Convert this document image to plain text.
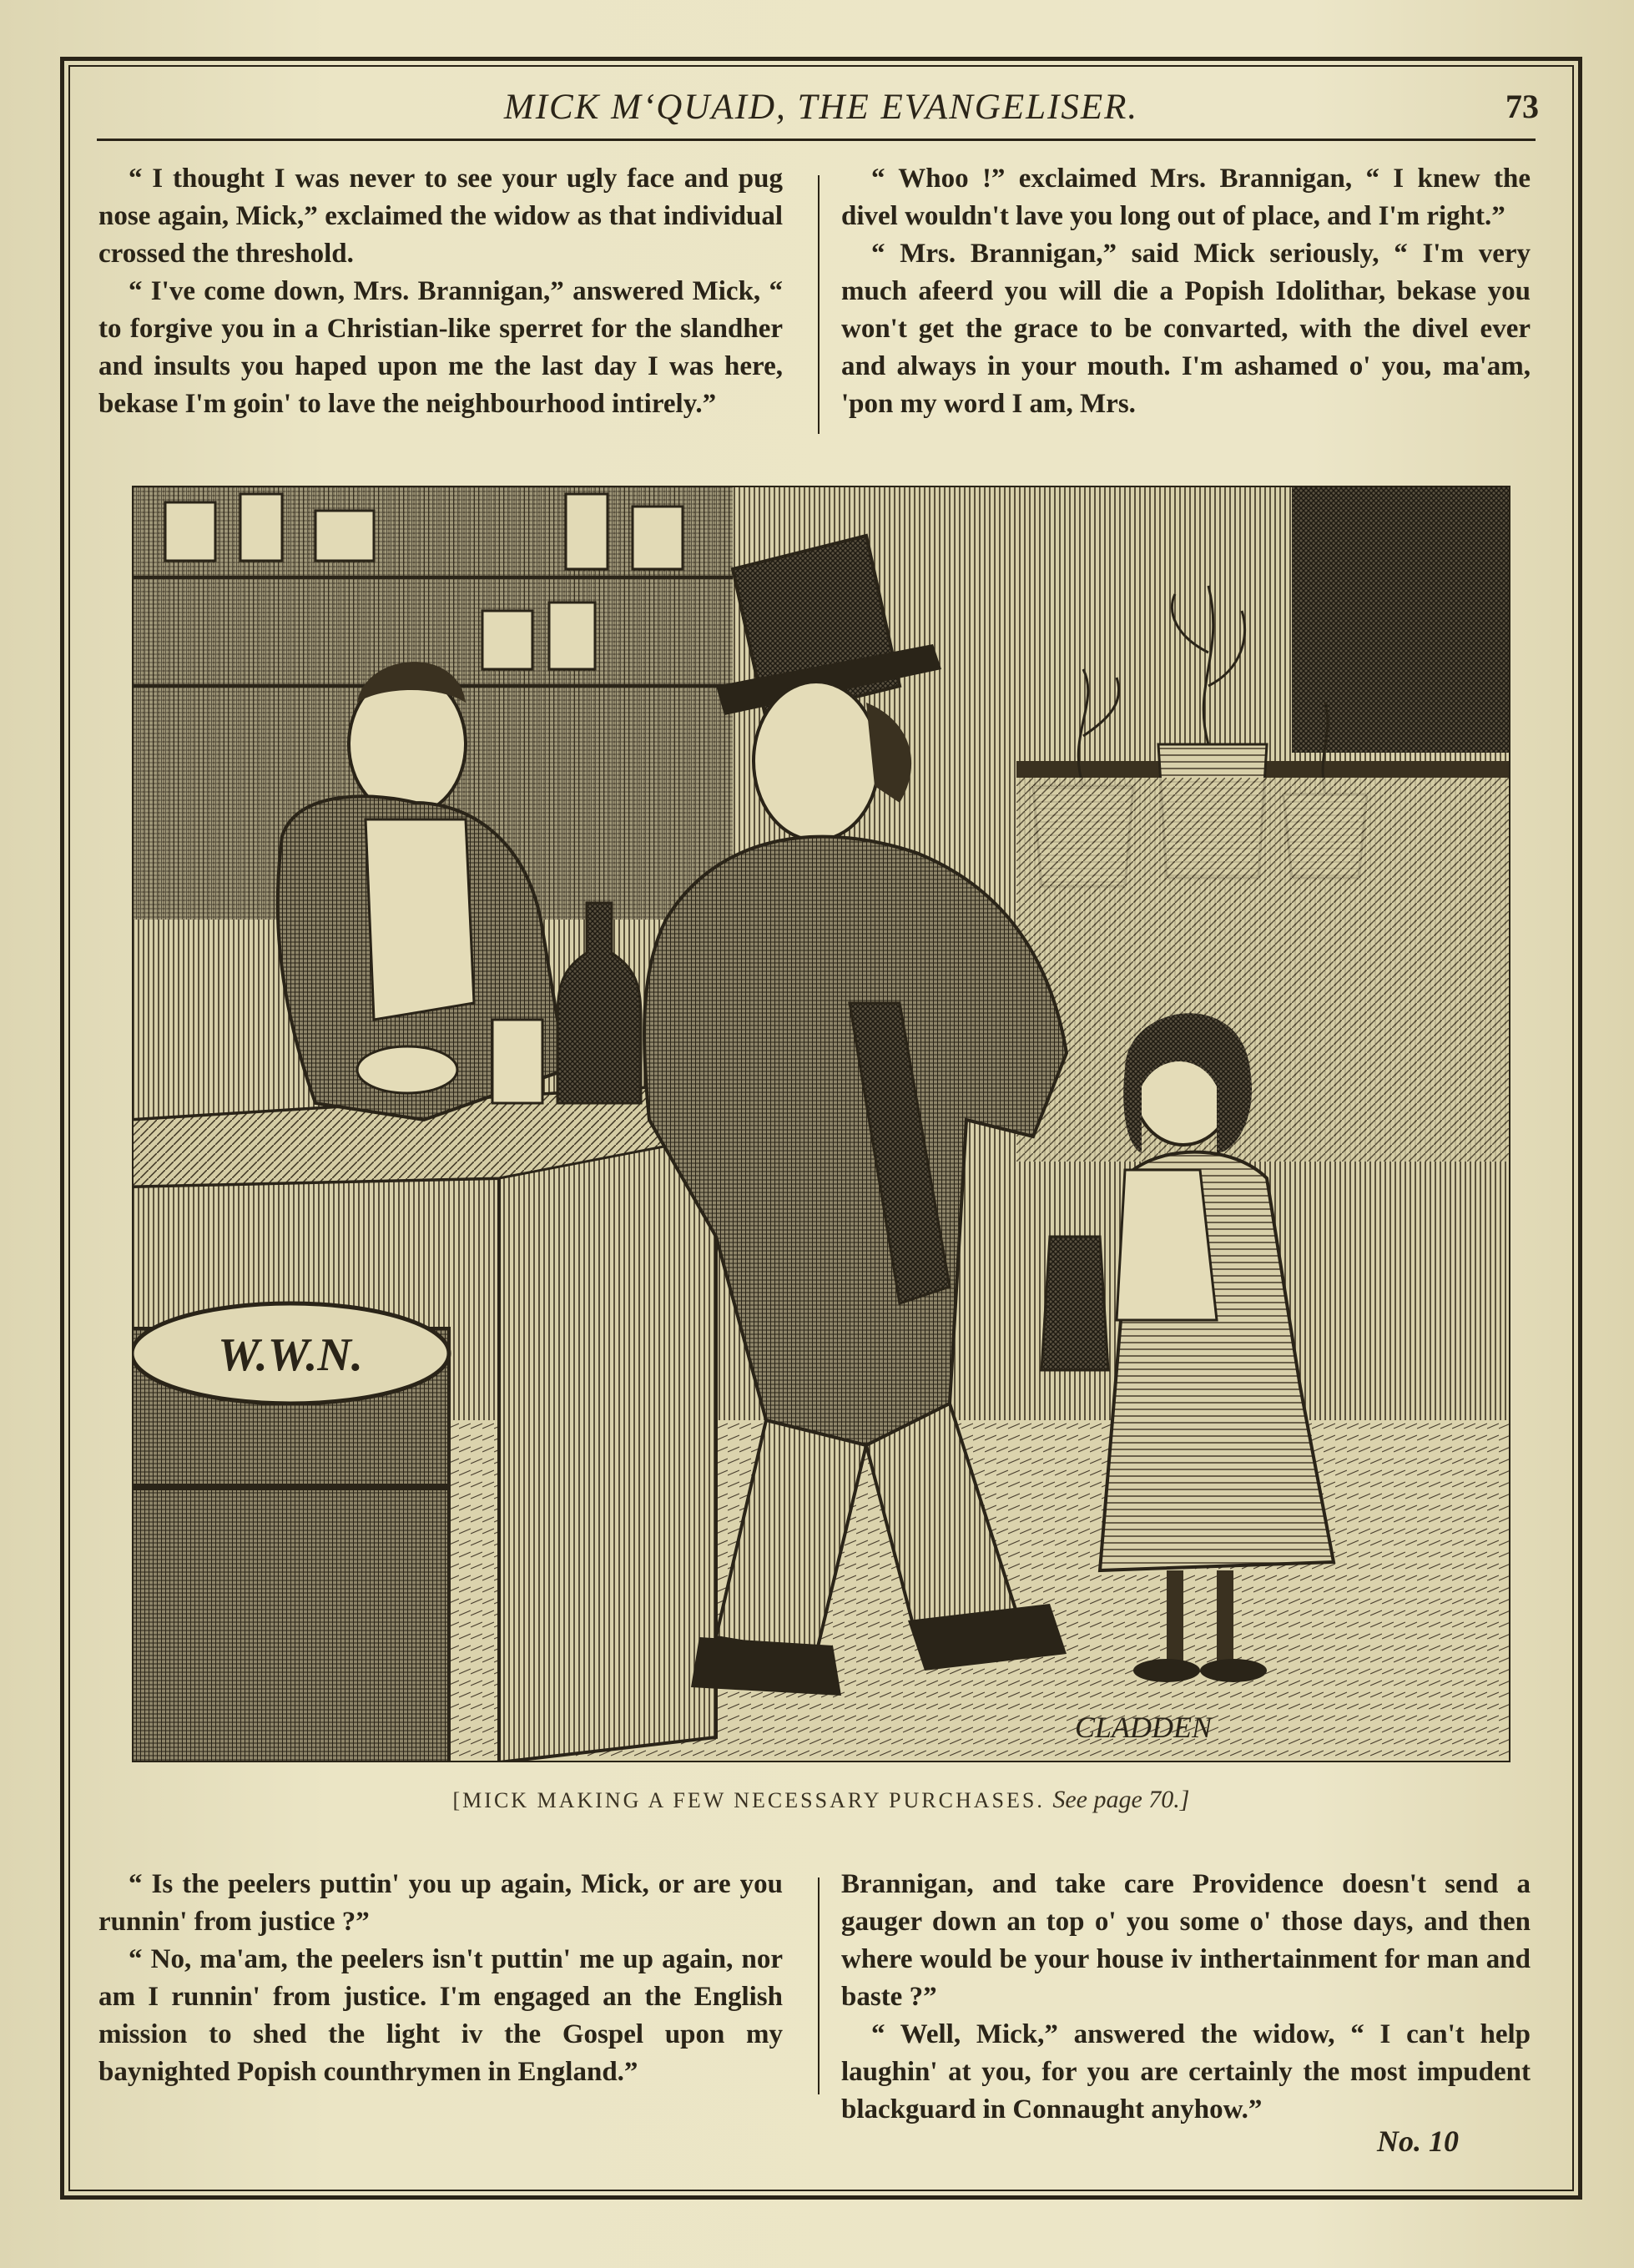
MICK M‘QUAID, THE EVANGELISER.	73

“ I thought I was never to see your ugly face and pug nose again, Mick,” exclaimed the widow as that individual crossed the threshold.

“ I've come down, Mrs. Brannigan,” answered Mick, “ to forgive you in a Christian-like sperret for the slandher and insults you haped upon me the last day I was here, bekase I'm goin' to lave the neighbourhood intirely.”

“ Whoo !” exclaimed Mrs. Brannigan, “ I knew the divel wouldn't lave you long out of place, and I'm right.”

“ Mrs. Brannigan,” said Mick seriously, “ I'm very much afeerd you will die a Popish Idolithar, bekase you won't get the grace to be convarted, with the divel ever and always in your mouth. I'm ashamed o' you, ma'am, 'pon my word I am, Mrs.

W.W.N.
CLADDEN
[MICK MAKING A FEW NECESSARY PURCHASES. See page 70.]

“ Is the peelers puttin' you up again, Mick, or are you runnin' from justice ?”

“ No, ma'am, the peelers isn't puttin' me up again, nor am I runnin' from justice. I'm engaged an the English mission to shed the light iv the Gospel upon my baynighted Popish counthrymen in England.”

Brannigan, and take care Providence doesn't send a gauger down an top o' you some o' those days, and then where would be your house iv inthertainment for man and baste ?”

“ Well, Mick,” answered the widow, “ I can't help laughin' at you, for you are certainly the most impudent blackguard in Connaught anyhow.”

No. 10
